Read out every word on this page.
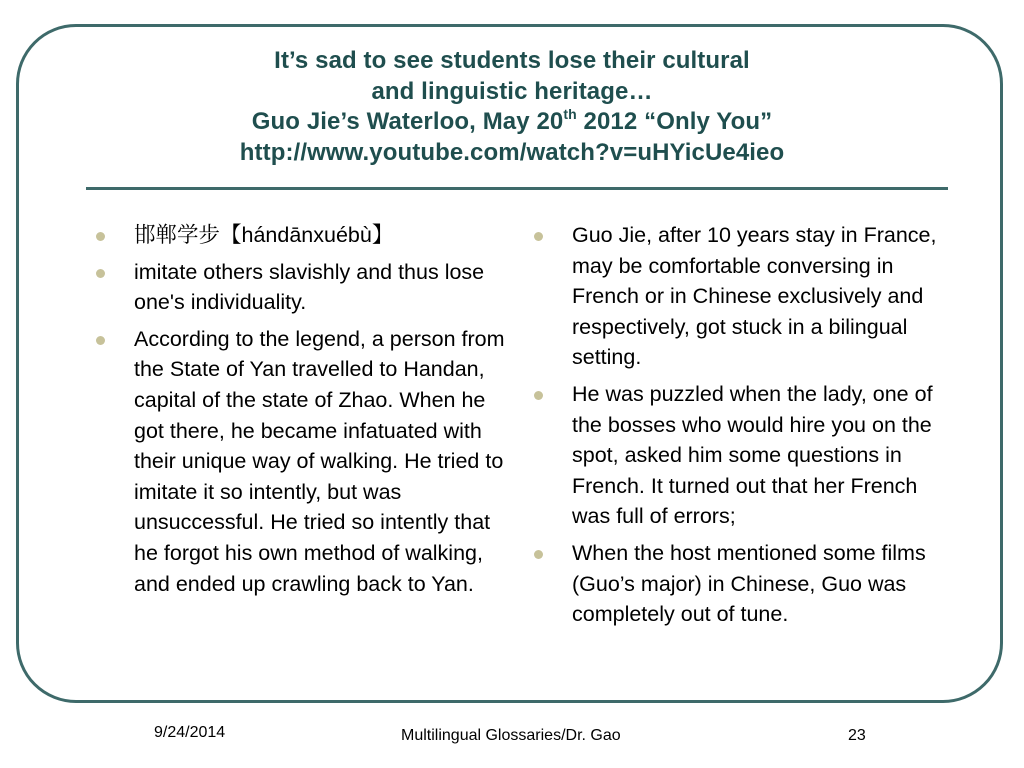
It’s sad to see students lose their cultural
and linguistic heritage…
Guo Jie’s Waterloo, May 20th 2012 “Only You”
http://www.youtube.com/watch?v=uHYicUe4ieo
邯郸学步【hándānxuébù】
imitate others slavishly and thus lose one's individuality.
According to the legend, a person from the State of Yan travelled to Handan, capital of the state of Zhao. When he got there, he became infatuated with their unique way of walking. He tried to imitate it so intently, but was unsuccessful. He tried so intently that he forgot his own method of walking, and ended up crawling back to Yan.
Guo Jie, after 10 years stay in France, may be comfortable conversing in French or in Chinese exclusively and respectively, got stuck in a bilingual setting.
He was puzzled when the lady, one of the bosses who would hire you on the spot, asked him some questions in French. It turned out that her French was full of errors;
When the host mentioned some films (Guo’s major) in Chinese, Guo was completely out of tune.
9/24/2014	Multilingual Glossaries/Dr. Gao	23
